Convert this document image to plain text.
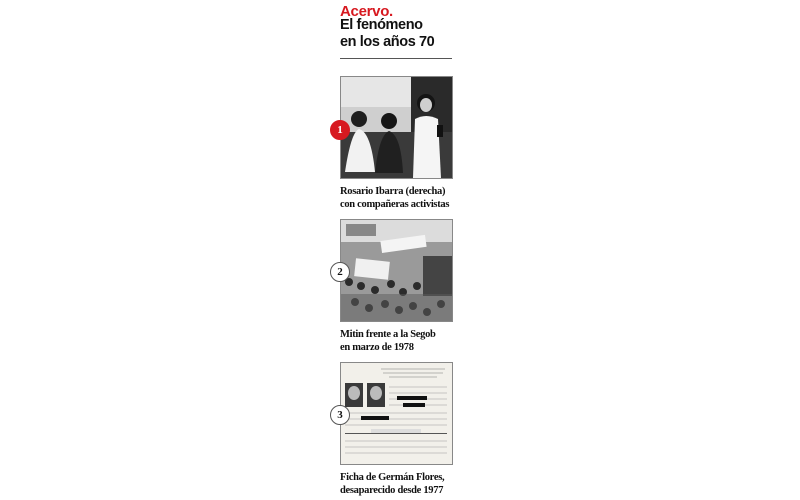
Acervo.
El fenómeno
en los años 70
1
Rosario Ibarra (derecha)
con compañeras activistas
2
Mitin frente a la Segob
en marzo de 1978
3
Ficha de Germán Flores,
desaparecido desde 1977
